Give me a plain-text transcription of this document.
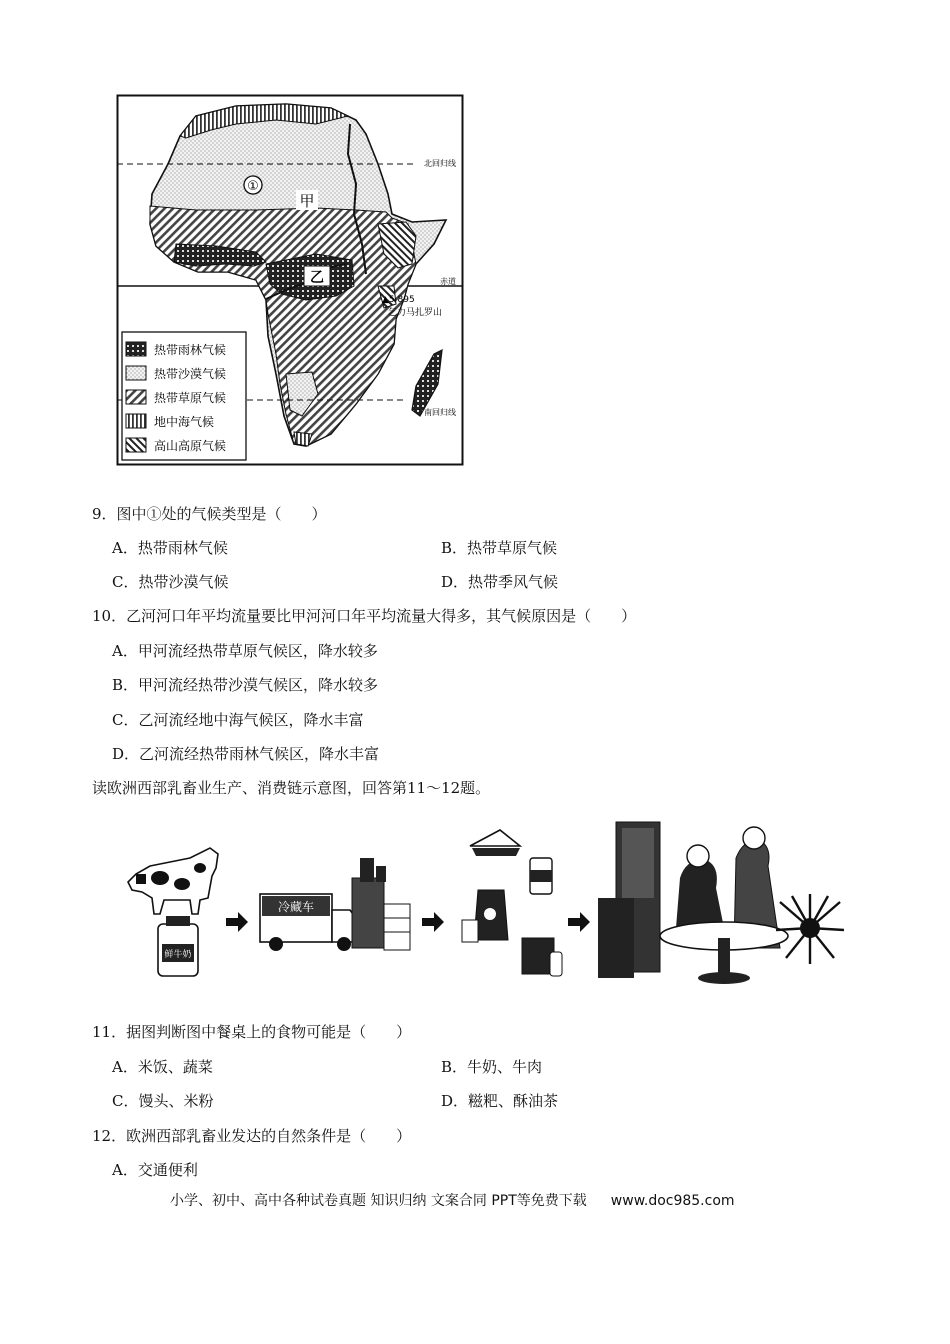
①
甲
乙
北回归线
赤道
南回归线
▲5 895
乞力马扎罗山
热带雨林气候
热带沙漠气候
热带草原气候
地中海气候
高山高原气候
9．图中①处的气候类型是（　　）
A．热带雨林气候	B．热带草原气候
C．热带沙漠气候	D．热带季风气候
10．乙河河口年平均流量要比甲河河口年平均流量大得多，其气候原因是（　　）
A．甲河流经热带草原气候区，降水较多
B．甲河流经热带沙漠气候区，降水较多
C．乙河流经地中海气候区，降水丰富
D．乙河流经热带雨林气候区，降水丰富
读欧洲西部乳畜业生产、消费链示意图，回答第11～12题。
鲜牛奶
冷藏车
11．据图判断图中餐桌上的食物可能是（　　）
A．米饭、蔬菜	B．牛奶、牛肉
C．馒头、米粉	D．糍粑、酥油茶
12．欧洲西部乳畜业发达的自然条件是（　　）
A．交通便利
小学、初中、高中各种试卷真题 知识归纳 文案合同 PPT等免费下载 www.doc985.com
